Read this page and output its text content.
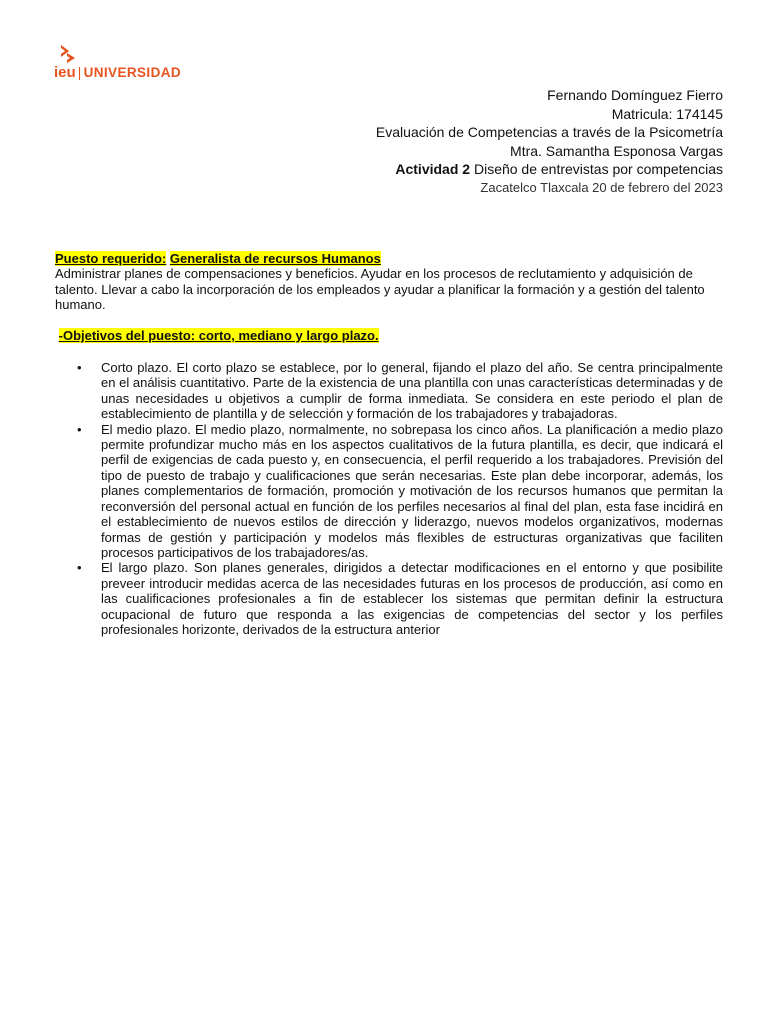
ieu | UNIVERSIDAD
Fernando Domínguez Fierro
Matricula: 174145
Evaluación de Competencias a través de la Psicometría
Mtra. Samantha Esponosa Vargas
Actividad 2 Diseño de entrevistas por competencias
Zacatelco Tlaxcala 20 de febrero del 2023
Puesto requerido: Generalista de recursos Humanos

Administrar planes de compensaciones y beneficios. Ayudar en los procesos de reclutamiento y adquisición de talento. Llevar a cabo la incorporación de los empleados y ayudar a planificar la formación y a gestión del talento humano.

-Objetivos del puesto: corto, mediano y largo plazo.
• Corto plazo. El corto plazo se establece, por lo general, fijando el plazo del año. Se centra principalmente en el análisis cuantitativo. Parte de la existencia de una plantilla con unas características determinadas y de unas necesidades u objetivos a cumplir de forma inmediata. Se considera en este periodo el plan de establecimiento de plantilla y de selección y formación de los trabajadores y trabajadoras.
• El medio plazo. El medio plazo, normalmente, no sobrepasa los cinco años. La planificación a medio plazo permite profundizar mucho más en los aspectos cualitativos de la futura plantilla, es decir, que indicará el perfil de exigencias de cada puesto y, en consecuencia, el perfil requerido a los trabajadores. Previsión del tipo de puesto de trabajo y cualificaciones que serán necesarias. Este plan debe incorporar, además, los planes complementarios de formación, promoción y motivación de los recursos humanos que permitan la reconversión del personal actual en función de los perfiles necesarios al final del plan, esta fase incidirá en el establecimiento de nuevos estilos de dirección y liderazgo, nuevos modelos organizativos, modernas formas de gestión y participación y modelos más flexibles de estructuras organizativas que faciliten procesos participativos de los trabajadores/as.
• El largo plazo. Son planes generales, dirigidos a detectar modificaciones en el entorno y que posibilite preveer introducir medidas acerca de las necesidades futuras en los procesos de producción, así como en las cualificaciones profesionales a fin de establecer los sistemas que permitan definir la estructura ocupacional de futuro que responda a las exigencias de competencias del sector y los perfiles profesionales horizonte, derivados de la estructura anterior
